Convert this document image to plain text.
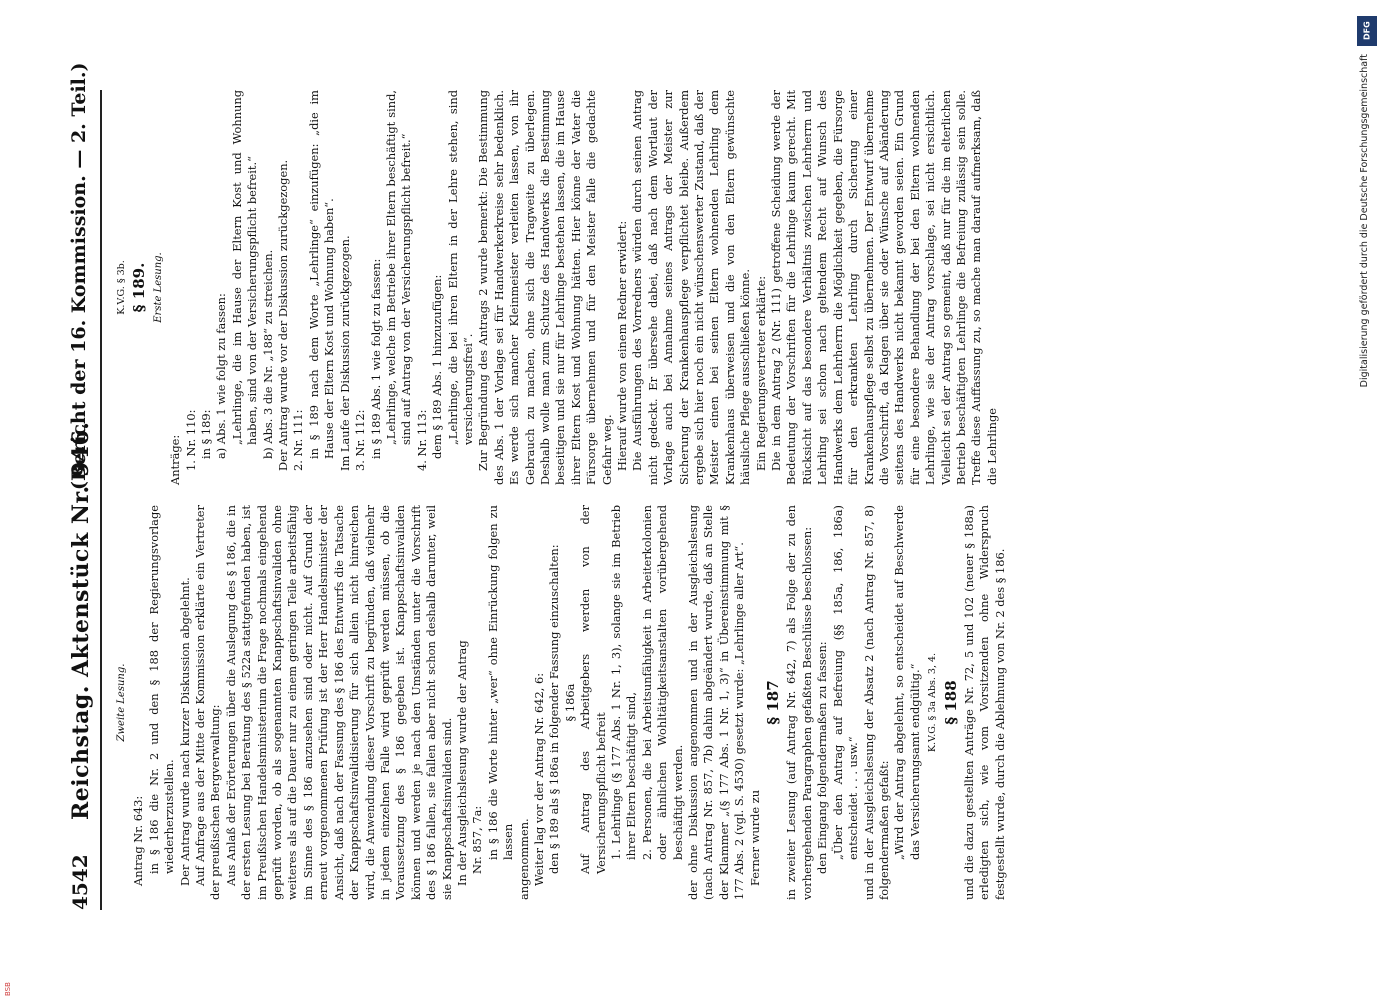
4542
Reichstag. Aktenstück Nr. 946.
(Bericht der 16. Kommission. — 2. Teil.)
Zweite Lesung.

Antrag Nr. 643: in § 186 die Nr. 2 und den § 188 der Regierungsvorlage wiederherzustellen. Der Antrag wurde nach kurzer Diskussion abgelehnt. Auf Anfrage aus der Mitte der Kommission erklärte ein Vertreter der preußischen Bergverwaltung: Aus Anlaß der Erörterungen über die Auslegung des § 186, die in der ersten Lesung bei Beratung des § 522a stattgefunden haben, ist im Preußischen Handelsministerium die Frage nochmals eingehend geprüft worden, ob als sogenannten Knappschaftsinvaliden ohne weiteres als auf die Dauer nur zu einem geringen Teile arbeitsfähig im Sinne des § 186 anzusehen sind oder nicht. Auf Grund der erneut vorgenommenen Prüfung ist der Herr Handelsminister der Ansicht, daß nach der Fassung des § 186 des Entwurfs die Tatsache der Knappschaftsinvalidisierung für sich allein nicht hinreichen wird, die Anwendung dieser Vorschrift zu begründen, daß vielmehr in jedem einzelnen Falle wird geprüft werden müssen, ob die Voraussetzung des § 186 gegeben ist. Knappschaftsinvaliden können und werden je nach den Umständen unter die Vorschrift des § 186 fallen, sie fallen aber nicht schon deshalb darunter, weil sie Knappschaftsinvaliden sind. In der Ausgleichslesung wurde der Antrag Nr. 857, 7a: in § 186 die Worte hinter „wer“ ohne Einrückung folgen zu lassen angenommen. Weiter lag vor der Antrag Nr. 642, 6: den § 189 als § 186a in folgender Fassung einzuschalten: § 186a Auf Antrag des Arbeitgebers werden von der Versicherungspflicht befreit 1. Lehrlinge (§ 177 Abs. 1 Nr. 1, 3), solange sie im Betrieb ihrer Eltern beschäftigt sind, 2. Personen, die bei Arbeitsunfähigkeit in Arbeiterkolonien oder ähnlichen Wohltätigkeitsanstalten vorübergehend beschäftigt werden. der ohne Diskussion angenommen und in der Ausgleichslesung (nach Antrag Nr. 857, 7b) dahin abgeändert wurde, daß an Stelle der Klammer „(§ 177 Abs. 1 Nr. 1, 3)“ in Übereinstimmung mit § 177 Abs. 2 (vgl. S. 4530) gesetzt wurde: „Lehrlinge aller Art“. Ferner wurde zu

§ 187 in zweiter Lesung (auf Antrag Nr. 642, 7) als Folge der zu den vorhergehenden Paragraphen gefaßten Beschlüsse beschlossen: den Eingang folgendermaßen zu fassen: „Über den Antrag auf Befreiung (§§ 185a, 186, 186a) entscheidet . . . usw.“ und in der Ausgleichslesung der Absatz 2 (nach Antrag Nr. 857, 8) folgendermaßen gefaßt: „Wird der Antrag abgelehnt, so entscheidet auf Beschwerde das Versicherungsamt endgültig.“ K.V.G. § 3a Abs. 3, 4. § 188 und die dazu gestellten Anträge Nr. 72, 5 und 102 (neuer § 188a) erledigten sich, wie vom Vorsitzenden ohne Widerspruch festgestellt wurde, durch die Ablehnung von Nr. 2 des § 186.

K.V.G. § 3b. § 189. Erste Lesung.

Anträge: 1. Nr. 110: in § 189: a) Abs. 1 wie folgt zu fassen: „Lehrlinge, die im Hause der Eltern Kost und Wohnung haben, sind von der Versicherungspflicht befreit.“ b) Abs. 3 die Nr. „188“ zu streichen. Der Antrag wurde vor der Diskussion zurückgezogen. 2. Nr. 111: in § 189 nach dem Worte „Lehrlinge“ einzufügen: „die im Hause der Eltern Kost und Wohnung haben“. Im Laufe der Diskussion zurückgezogen. 3. Nr. 112: in § 189 Abs. 1 wie folgt zu fassen: „Lehrlinge, welche im Betriebe ihrer Eltern beschäftigt sind, sind auf Antrag von der Versicherungspflicht befreit.“ 4. Nr. 113: dem § 189 Abs. 1 hinzuzufügen: „Lehrlinge, die bei ihren Eltern in der Lehre stehen, sind versicherungsfrei“. Zur Begründung des Antrags 2 wurde bemerkt: Die Bestimmung des Abs. 1 der Vorlage sei für Handwerkerkreise sehr bedenklich. Es werde sich mancher Kleinmeister verleiten lassen, von ihr Gebrauch zu machen, ohne sich die Tragweite zu überlegen. Deshalb wolle man zum Schutze des Handwerks die Bestimmung beseitigen und sie nur für Lehrlinge bestehen lassen, die im Hause ihrer Eltern Kost und Wohnung hätten. Hier könne der Vater die Fürsorge übernehmen und für den Meister falle die gedachte Gefahr weg. Hierauf wurde von einem Redner erwidert: Die Ausführungen des Vorredners würden durch seinen Antrag nicht gedeckt. Er übersehe dabei, daß nach dem Wortlaut der Vorlage auch bei Annahme seines Antrags der Meister zur Sicherung der Krankenhauspflege verpflichtet bleibe. Außerdem ergebe sich hier noch ein nicht wünschenswerter Zustand, daß der Meister einen bei seinen Eltern wohnenden Lehrling dem Krankenhaus überweisen und die von den Eltern gewünschte häusliche Pflege ausschließen könne. Ein Regierungsvertreter erklärte: Die in dem Antrag 2 (Nr. 111) getroffene Scheidung werde der Bedeutung der Vorschriften für die Lehrlinge kaum gerecht. Mit Rücksicht auf das besondere Verhältnis zwischen Lehrherrn und Lehrling sei schon nach geltendem Recht auf Wunsch des Handwerks dem Lehrherrn die Möglichkeit gegeben, die Fürsorge für den erkrankten Lehrling durch Sicherung einer Krankenhauspflege selbst zu übernehmen. Der Entwurf übernehme die Vorschrift, da Klagen über sie oder Wünsche auf Abänderung seitens des Handwerks nicht bekannt geworden seien. Ein Grund für eine besondere Behandlung der bei den Eltern wohnenden Lehrlinge, wie sie der Antrag vorschlage, sei nicht ersichtlich. Vielleicht sei der Antrag so gemeint, daß nur für die im elterlichen Betrieb beschäftigten Lehrlinge die Befreiung zulässig sein solle. Treffe diese Auffassung zu, so mache man darauf aufmerksam, daß die Lehrlinge

DFG
Digitalisierung gefördert durch die Deutsche Forschungsgemeinschaft
BSB
